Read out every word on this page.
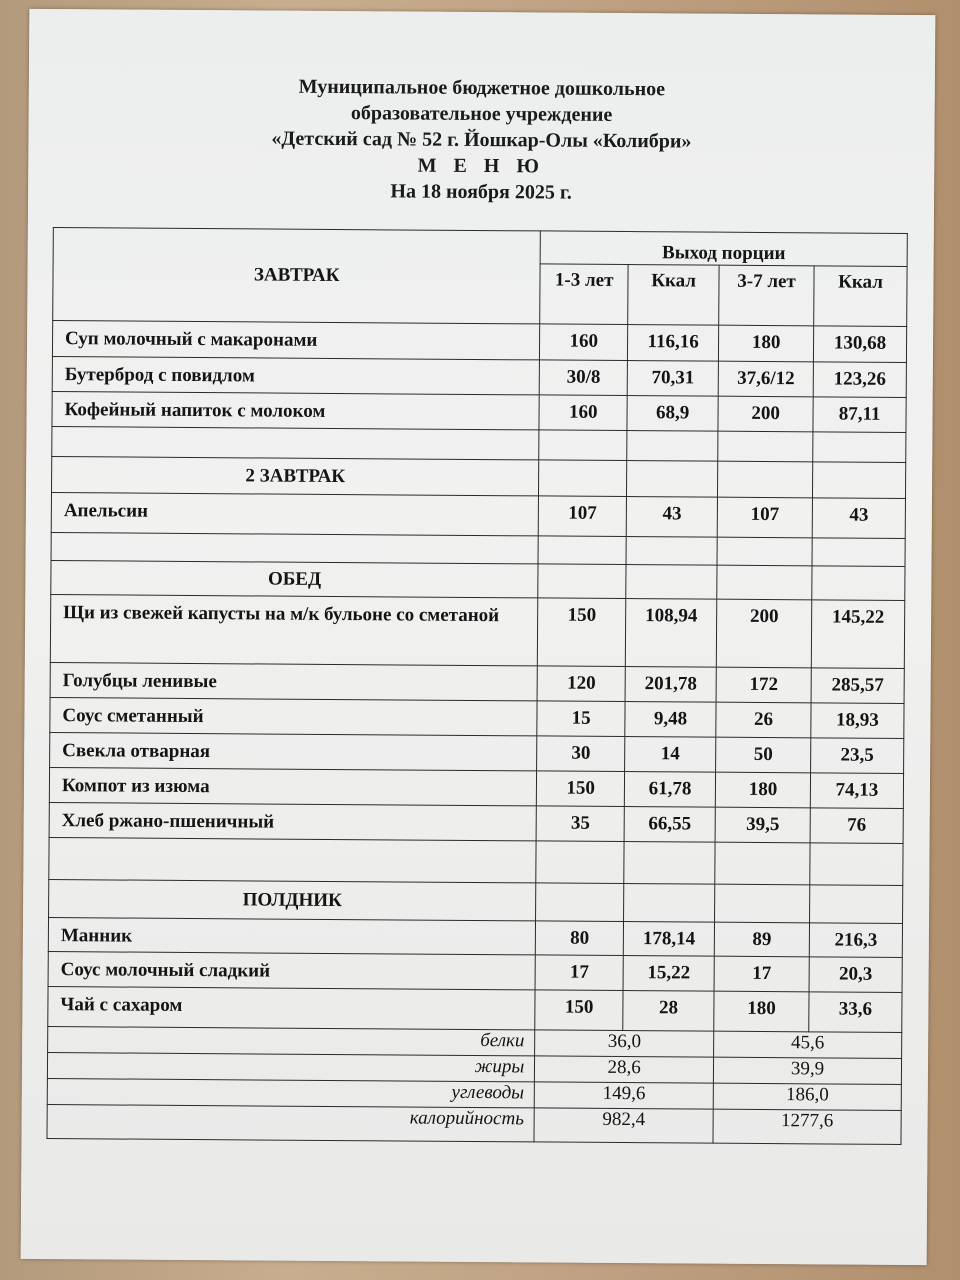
Муниципальное бюджетное дошкольное
образовательное учреждение
«Детский сад № 52 г. Йошкар-Олы «Колибри»
М Е Н Ю
На 18 ноября 2025 г.
ЗАВТРАК	Выход порции			
	1-3 лет	Ккал	3-7 лет	Ккал
Суп молочный с макаронами	160	116,16	180	130,68
Бутерброд с повидлом	30/8	70,31	37,6/12	123,26
Кофейный напиток с молоком	160	68,9	200	87,11

2 ЗАВТРАК				
Апельсин	107	43	107	43

ОБЕД				
Щи из свежей капусты на м/к бульоне со сметаной	150	108,94	200	145,22
Голубцы ленивые	120	201,78	172	285,57
Соус сметанный	15	9,48	26	18,93
Свекла отварная	30	14	50	23,5
Компот из изюма	150	61,78	180	74,13
Хлеб ржано-пшеничный	35	66,55	39,5	76

ПОЛДНИК				
Манник	80	178,14	89	216,3
Соус молочный сладкий	17	15,22	17	20,3
Чай с сахаром	150	28	180	33,6
белки	36,0		45,6	
жиры	28,6		39,9	
углеводы	149,6		186,0	
калорийность	982,4		1277,6	
